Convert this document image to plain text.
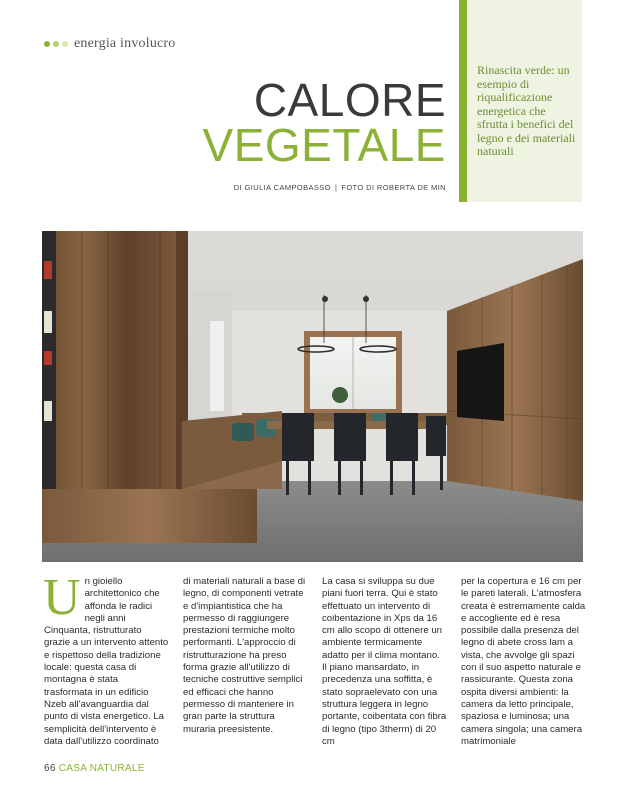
energia involucro
CALORE
VEGETALE
DI GIULIA CAMPOBASSO | FOTO DI ROBERTA DE MIN
Rinascita verde: un esempio di riqualificazione energetica che sfrutta i benefici del legno e dei materiali naturali
U n gioiello architettonico che affonda le radici negli anni Cinquanta, ristrutturato grazie a un intervento attento e rispettoso della tradizione locale: questa casa di montagna è stata trasformata in un edificio Nzeb all'avanguardia dal punto di vista energetico. La semplicità dell'intervento è data dall'utilizzo coordinato
di materiali naturali a base di legno, di componenti vetrate e d'impiantistica che ha permesso di raggiungere prestazioni termiche molto performanti. L'approccio di ristrutturazione ha preso forma grazie all'utilizzo di tecniche costruttive semplici ed efficaci che hanno permesso di mantenere in gran parte la struttura muraria preesistente.
La casa si sviluppa su due piani fuori terra. Qui è stato effettuato un intervento di coibentazione in Xps da 16 cm allo scopo di ottenere un ambiente termicamente adatto per il clima montano. Il piano mansardato, in precedenza una soffitta, è stato sopraelevato con una struttura leggera in legno portante, coibentata con fibra di legno (tipo 3therm) di 20 cm
per la copertura e 16 cm per le pareti laterali. L'atmosfera creata è estremamente calda e accogliente ed è resa possibile dalla presenza del legno di abete cross lam a vista, che avvolge gli spazi con il suo aspetto naturale e rassicurante. Questa zona ospita diversi ambienti: la camera da letto principale, spaziosa e luminosa; una camera singola; una camera matrimoniale
66 CASA NATURALE
